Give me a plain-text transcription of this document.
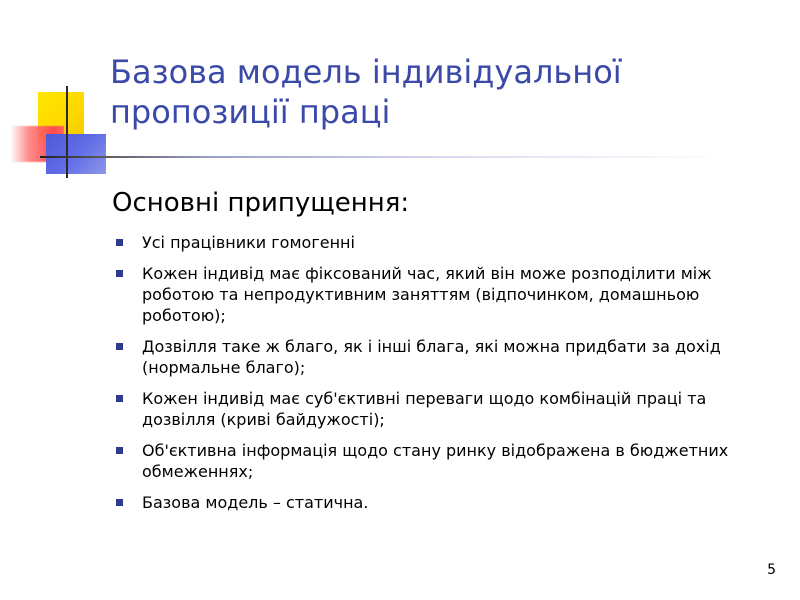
Базова модель індивідуальної пропозиції праці
Основні припущення:
Усі працівники гомогенні
Кожен індивід має фіксований час, який він може розподілити між роботою та непродуктивним заняттям (відпочинком, домашньою роботою);
Дозвілля таке ж благо, як і інші блага, які можна придбати за дохід (нормальне благо);
Кожен індивід має суб'єктивні переваги щодо комбінацій праці та дозвілля (криві байдужості);
Об'єктивна інформація щодо стану ринку відображена в бюджетних обмеженнях;
Базова модель – статична.
5
